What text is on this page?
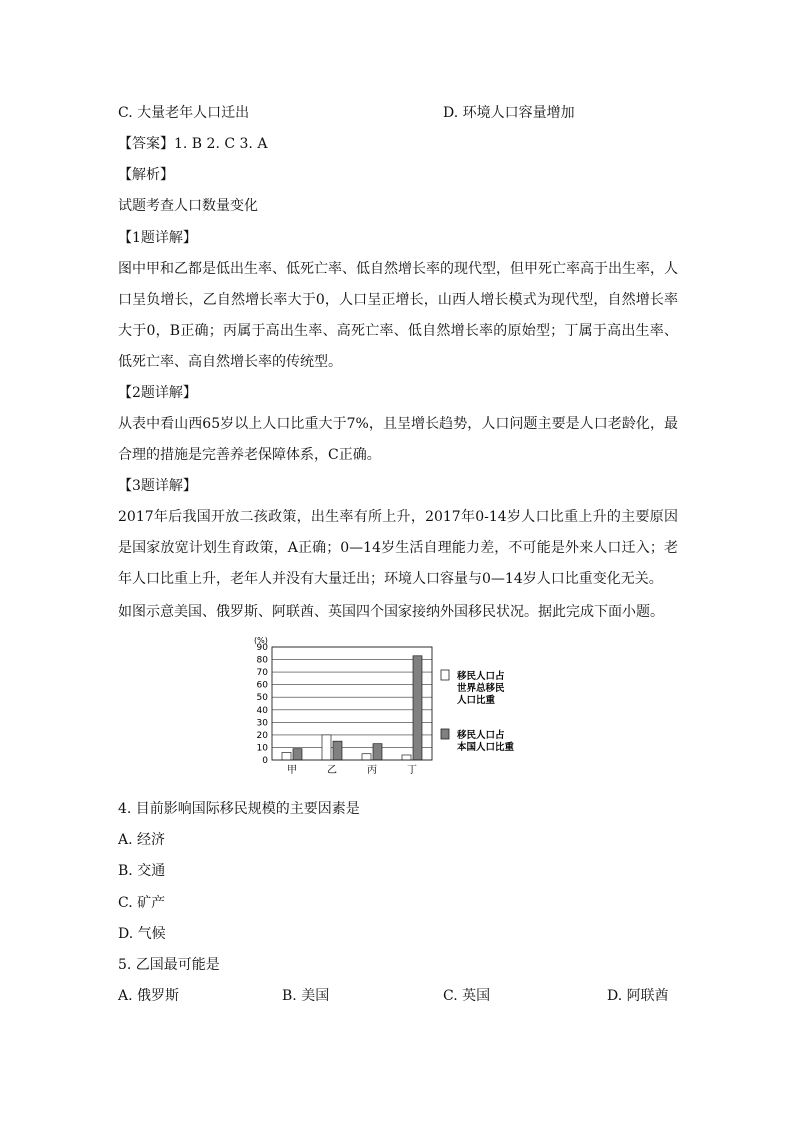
C. 大量老年人口迁出	D. 环境人口容量增加
【答案】1. B 2. C 3. A
【解析】
试题考查人口数量变化
【1题详解】
图中甲和乙都是低出生率、低死亡率、低自然增长率的现代型，但甲死亡率高于出生率，人口呈负增长，乙自然增长率大于0，人口呈正增长，山西人增长模式为现代型，自然增长率大于0，B正确；丙属于高出生率、高死亡率、低自然增长率的原始型；丁属于高出生率、低死亡率、高自然增长率的传统型。
【2题详解】
从表中看山西65岁以上人口比重大于7%，且呈增长趋势，人口问题主要是人口老龄化，最合理的措施是完善养老保障体系，C正确。
【3题详解】
2017年后我国开放二孩政策，出生率有所上升，2017年0-14岁人口比重上升的主要原因是国家放宽计划生育政策，A正确；0—14岁生活自理能力差，不可能是外来人口迁入；老年人口比重上升，老年人并没有大量迁出；环境人口容量与0—14岁人口比重变化无关。
如图示意美国、俄罗斯、阿联酋、英国四个国家接纳外国移民状况。据此完成下面小题。
(%)
0
10
20
30
40
50
60
70
80
90
甲	乙	丙	丁
移民人口占
世界总移民
人口比重
移民人口占
本国人口比重
4. 目前影响国际移民规模的主要因素是
A. 经济
B. 交通
C. 矿产
D. 气候
5. 乙国最可能是
A. 俄罗斯	B. 美国	C. 英国	D. 阿联酋
